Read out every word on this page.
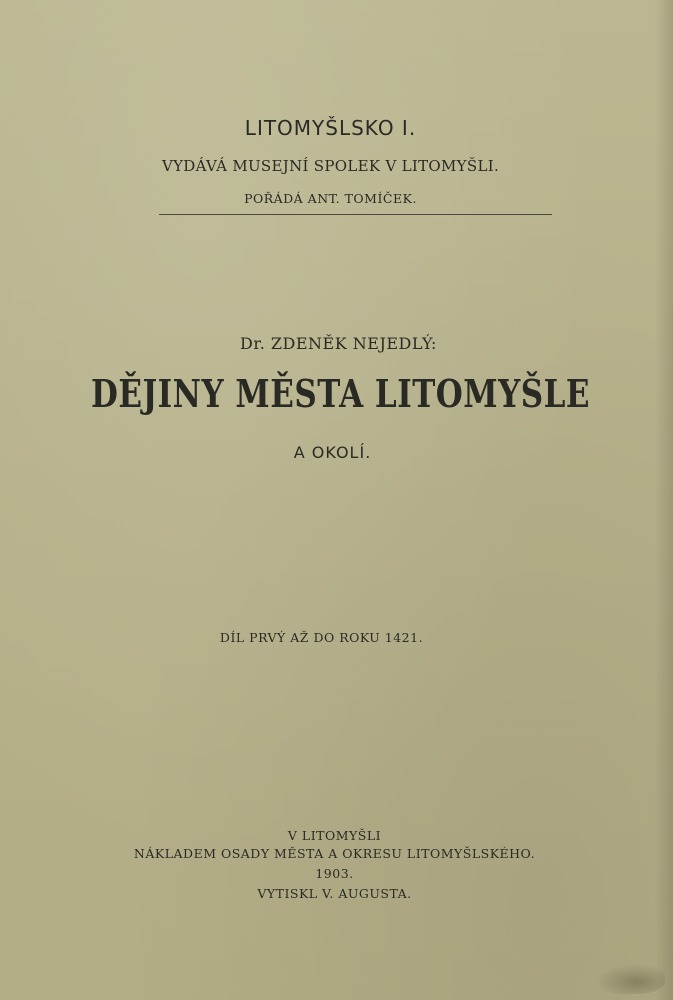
LITOMYŠLSKO I.
VYDÁVÁ MUSEJNÍ SPOLEK V LITOMYŠLI.
POŘÁDÁ ANT. TOMÍČEK.
Dr. ZDENĚK NEJEDLÝ:
DĚJINY MĚSTA LITOMYŠLE
A OKOLÍ.
DÍL PRVÝ AŽ DO ROKU 1421.
V LITOMYŠLI
NÁKLADEM OSADY MĚSTA A OKRESU LITOMYŠLSKÉHO.
1903.
VYTISKL V. AUGUSTA.
